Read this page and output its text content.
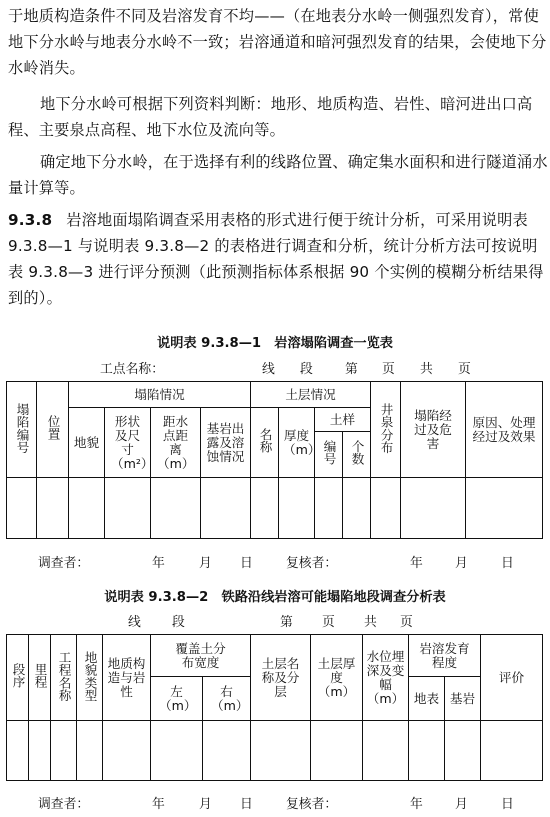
于地质构造条件不同及岩溶发育不均——（在地表分水岭一侧强烈发育），常使地下分水岭与地表分水岭不一致；岩溶通道和暗河强烈发育的结果，会使地下分水岭消失。

地下分水岭可根据下列资料判断：地形、地质构造、岩性、暗河进出口高程、主要泉点高程、地下水位及流向等。

确定地下分水岭，在于选择有利的线路位置、确定集水面积和进行隧道涌水量计算等。

9.3.8 岩溶地面塌陷调查采用表格的形式进行便于统计分析，可采用说明表 9.3.8—1 与说明表 9.3.8—2 的表格进行调查和分析，统计分析方法可按说明表 9.3.8—3 进行评分预测（此预测指标体系根据 90 个实例的模糊分析结果得到的）。

说明表 9.3.8—1　岩溶塌陷调查一览表
工点名称：	线 段	第 页 共 页
塌陷编号	位置	塌陷情况				土层情况				井泉分布	塌陷经过及危害	原因、处理经过及效果
		地貌	形状及尺寸（m²）	距水点距离（m）	基岩出露及溶蚀情况	名称	厚度（m）	土样				
								编号	个数			

调查者：	年	月 日	复核者：	年	月	日
说明表 9.3.8—2　铁路沿线岩溶可能塌陷地段调查分析表
线 段	第 页 共 页
段序	里程	工程名称	地貌类型	地质构造与岩性	覆盖土分布宽度		土层名称及分层	土层厚度（m）	水位埋深及变幅（m）	岩溶发育程度		评价
					左（m）	右（m）				地表	基岩	

调查者：	年	月 日	复核者：	年	月	日
